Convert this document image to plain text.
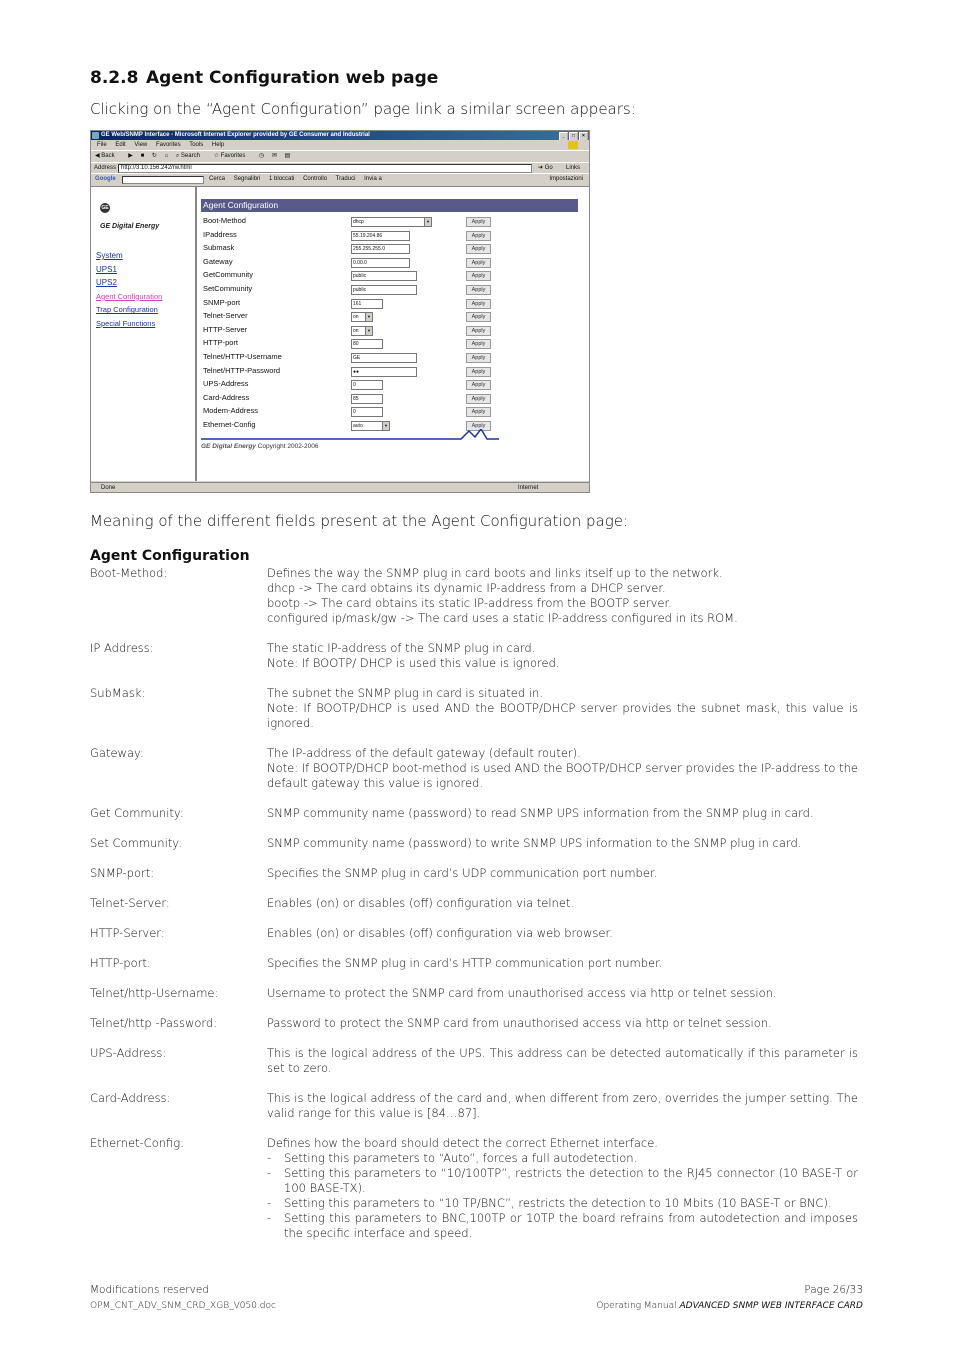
8.2.8 Agent Configuration web page
Clicking on the “Agent Configuration” page link a similar screen appears:
GE Web/SNMP Interface - Microsoft Internet Explorer provided by GE Consumer and Industrial	_	□	×
File Edit View Favorites Tools Help
◀ Back ▶ ■ ↻ ⌂ ⌕ Search ☆ Favorites ◷ ✉ ▤
Address http://3.10.156.242/rw.html	➜ Go Links
Google	Cerca Segnalibri 1 bloccati Controllo Traduci Invia a	Impostazioni
GE
GE Digital Energy
System
UPS1
UPS2
Agent Configuration
Trap Configuration
Special Functions
Agent Configuration
Boot-Method	dhcp ▼	Apply
IPaddress	55.19.204.86	Apply
Submask	255.255.255.0	Apply
Gateway	0.00.0	Apply
GetCommunity	public	Apply
SetCommunity	public	Apply
SNMP-port	161	Apply
Telnet-Server	on ▼	Apply
HTTP-Server	on ▼	Apply
HTTP-port	80	Apply
Telnet/HTTP-Username	GE	Apply
Telnet/HTTP-Password	●●	Apply
UPS-Address	0	Apply
Card-Address	85	Apply
Modem-Address	0	Apply
Ethernet-Config	auto ▼	Apply
GE Digital Energy Copyright 2002-2006
Done	Internet
Meaning of the different fields present at the Agent Configuration page:
Agent Configuration
Boot-Method:	Defines the way the SNMP plug in card boots and links itself up to the network.
dhcp -> The card obtains its dynamic IP-address from a DHCP server.
bootp -> The card obtains its static IP-address from the BOOTP server.
configured ip/mask/gw -> The card uses a static IP-address configured in its ROM.
IP Address:	The static IP-address of the SNMP plug in card.
Note: If BOOTP/ DHCP is used this value is ignored.
SubMask:	The subnet the SNMP plug in card is situated in.
Note: If BOOTP/DHCP is used AND the BOOTP/DHCP server provides the subnet mask, this value is ignored.
Gateway:	The IP-address of the default gateway (default router).
Note: If BOOTP/DHCP boot-method is used AND the BOOTP/DHCP server provides the IP-address to the default gateway this value is ignored.
Get Community:	SNMP community name (password) to read SNMP UPS information from the SNMP plug in card.
Set Community:	SNMP community name (password) to write SNMP UPS information to the SNMP plug in card.
SNMP-port:	Specifies the SNMP plug in card’s UDP communication port number.
Telnet-Server:	Enables (on) or disables (off) configuration via telnet.
HTTP-Server:	Enables (on) or disables (off) configuration via web browser.
HTTP-port:	Specifies the SNMP plug in card’s HTTP communication port number.
Telnet/http-Username:	Username to protect the SNMP card from unauthorised access via http or telnet session.
Telnet/http -Password:	Password to protect the SNMP card from unauthorised access via http or telnet session.
UPS-Address:	This is the logical address of the UPS. This address can be detected automatically if this parameter is set to zero.
Card-Address:	This is the logical address of the card and, when different from zero, overrides the jumper setting. The valid range for this value is [84…87].
Ethernet-Config:	Defines how the board should detect the correct Ethernet interface.
- Setting this parameters to “Auto”, forces a full autodetection.
- Setting this parameters to “10/100TP”, restricts the detection to the RJ45 connector (10 BASE-T or 100 BASE-TX).
- Setting this parameters to “10 TP/BNC”, restricts the detection to 10 Mbits (10 BASE-T or BNC).
- Setting this parameters to BNC,100TP or 10TP the board refrains from autodetection and imposes the specific interface and speed.
Modifications reserved
OPM_CNT_ADV_SNM_CRD_XGB_V050.doc
Page 26/33
Operating Manual ADVANCED SNMP WEB INTERFACE CARD
